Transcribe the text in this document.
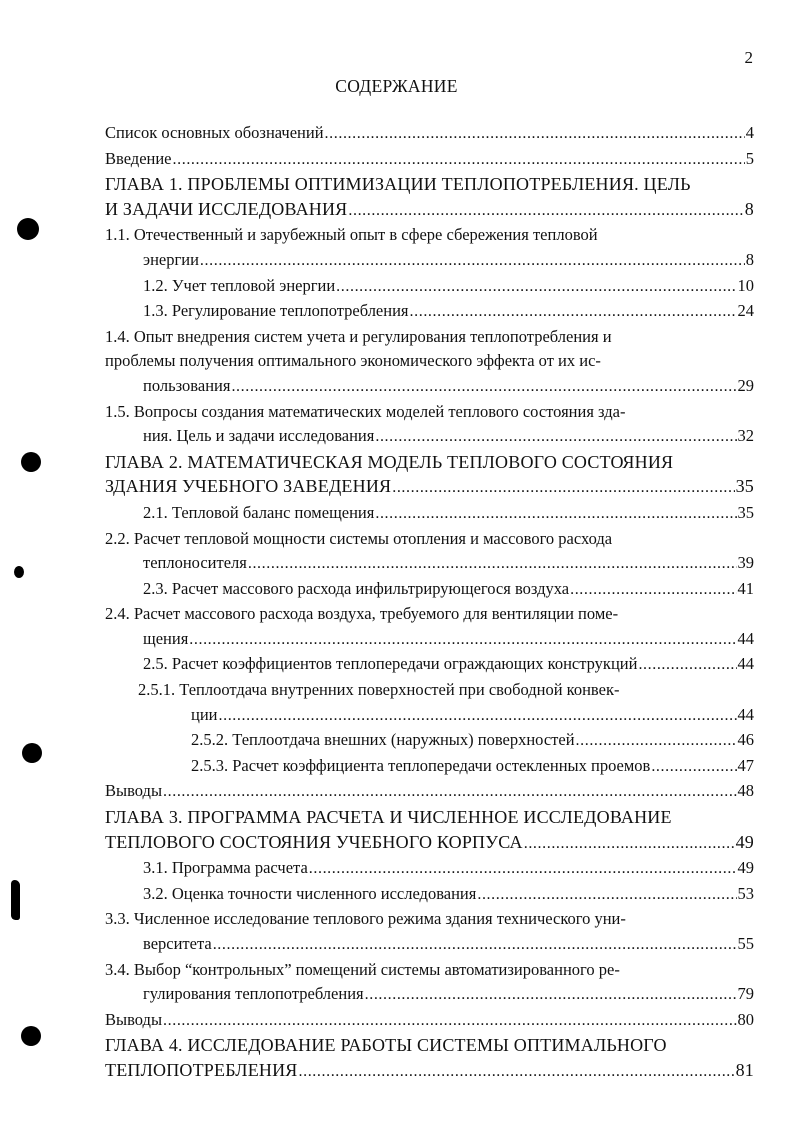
2
СОДЕРЖАНИЕ
Список основных обозначений .....	4
Введение .....	5
ГЛАВА 1. ПРОБЛЕМЫ ОПТИМИЗАЦИИ ТЕПЛОПОТРЕБЛЕНИЯ. ЦЕЛЬ
И ЗАДАЧИ ИССЛЕДОВАНИЯ .....	8
1.1. Отечественный и зарубежный опыт в сфере сбережения тепловой
энергии .....	8
1.2. Учет тепловой энергии .....	10
1.3. Регулирование теплопотребления .....	24
1.4. Опыт внедрения систем учета и регулирования теплопотребления и
проблемы получения оптимального экономического эффекта от их ис-
пользования .....	29
1.5. Вопросы создания математических моделей теплового состояния зда-
ния. Цель и задачи исследования .....	32
ГЛАВА 2. МАТЕМАТИЧЕСКАЯ МОДЕЛЬ ТЕПЛОВОГО СОСТОЯНИЯ
ЗДАНИЯ УЧЕБНОГО ЗАВЕДЕНИЯ .....	35
2.1. Тепловой баланс помещения .....	35
2.2. Расчет тепловой мощности системы отопления и массового расхода
теплоносителя .....	39
2.3. Расчет массового расхода инфильтрирующегося воздуха .....	41
2.4. Расчет массового расхода воздуха, требуемого для вентиляции поме-
щения .....	44
2.5. Расчет коэффициентов теплопередачи ограждающих конструкций .....	44
2.5.1. Теплоотдача внутренних поверхностей при свободной конвек-
ции .....	44
2.5.2. Теплоотдача внешних (наружных) поверхностей .....	46
2.5.3. Расчет коэффициента теплопередачи остекленных проемов .....	47
Выводы .....	48
ГЛАВА 3. ПРОГРАММА РАСЧЕТА И ЧИСЛЕННОЕ ИССЛЕДОВАНИЕ
ТЕПЛОВОГО СОСТОЯНИЯ УЧЕБНОГО КОРПУСА .....	49
3.1. Программа расчета .....	49
3.2. Оценка точности численного исследования .....	53
3.3. Численное исследование теплового режима здания технического уни-
верситета .....	55
3.4. Выбор “контрольных” помещений системы автоматизированного ре-
гулирования теплопотребления .....	79
Выводы .....	80
ГЛАВА 4. ИССЛЕДОВАНИЕ РАБОТЫ СИСТЕМЫ ОПТИМАЛЬНОГО
ТЕПЛОПОТРЕБЛЕНИЯ .....	81
